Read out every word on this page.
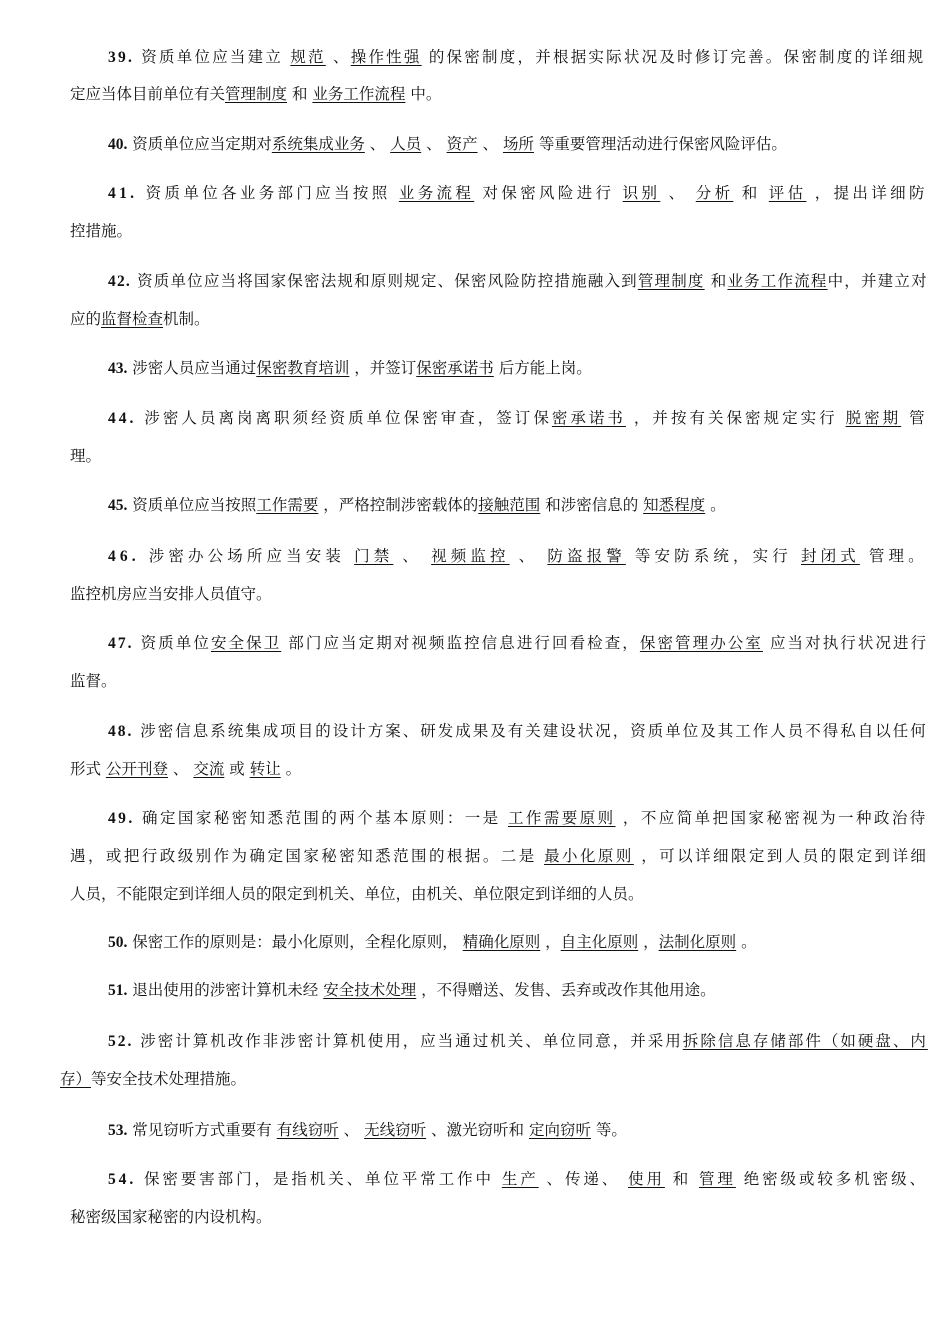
39. 资质单位应当建立 规范 、操作性强 的保密制度，并根据实际状况及时修订完善。保密制度的详细规
定应当体目前单位有关管理制度 和 业务工作流程 中。
40. 资质单位应当定期对系统集成业务 、 人员 、 资产 、 场所 等重要管理活动进行保密风险评估。
41. 资质单位各业务部门应当按照 业务流程 对保密风险进行 识别 、 分析 和 评估 ，提出详细防
控措施。
42. 资质单位应当将国家保密法规和原则规定、保密风险防控措施融入到管理制度 和业务工作流程中，并建立对
应的监督检查机制。
43. 涉密人员应当通过保密教育培训 ，并签订保密承诺书 后方能上岗。
44. 涉密人员离岗离职须经资质单位保密审查，签订保密承诺书 ，并按有关保密规定实行 脱密期 管
理。
45. 资质单位应当按照工作需要 ，严格控制涉密载体的接触范围 和涉密信息的 知悉程度 。
46. 涉密办公场所应当安装 门禁 、 视频监控 、 防盗报警 等安防系统，实行 封闭式 管理。
监控机房应当安排人员值守。
47. 资质单位安全保卫 部门应当定期对视频监控信息进行回看检查，保密管理办公室 应当对执行状况进行
监督。
48. 涉密信息系统集成项目的设计方案、研发成果及有关建设状况，资质单位及其工作人员不得私自以任何
形式 公开刊登 、 交流 或 转让 。
49. 确定国家秘密知悉范围的两个基本原则：一是 工作需要原则 ，不应简单把国家秘密视为一种政治待
遇，或把行政级别作为确定国家秘密知悉范围的根据。二是 最小化原则 ，可以详细限定到人员的限定到详细
人员，不能限定到详细人员的限定到机关、单位，由机关、单位限定到详细的人员。
50. 保密工作的原则是：最小化原则，全程化原则， 精确化原则 ，自主化原则 ，法制化原则 。
51. 退出使用的涉密计算机未经 安全技术处理 ，不得赠送、发售、丢弃或改作其他用途。
52. 涉密计算机改作非涉密计算机使用，应当通过机关、单位同意，并采用拆除信息存储部件（如硬盘、内
存）等安全技术处理措施。
53. 常见窃听方式重要有 有线窃听 、 无线窃听 、激光窃听和 定向窃听 等。
54. 保密要害部门，是指机关、单位平常工作中 生产 、传递、 使用 和 管理 绝密级或较多机密级、
秘密级国家秘密的内设机构。
